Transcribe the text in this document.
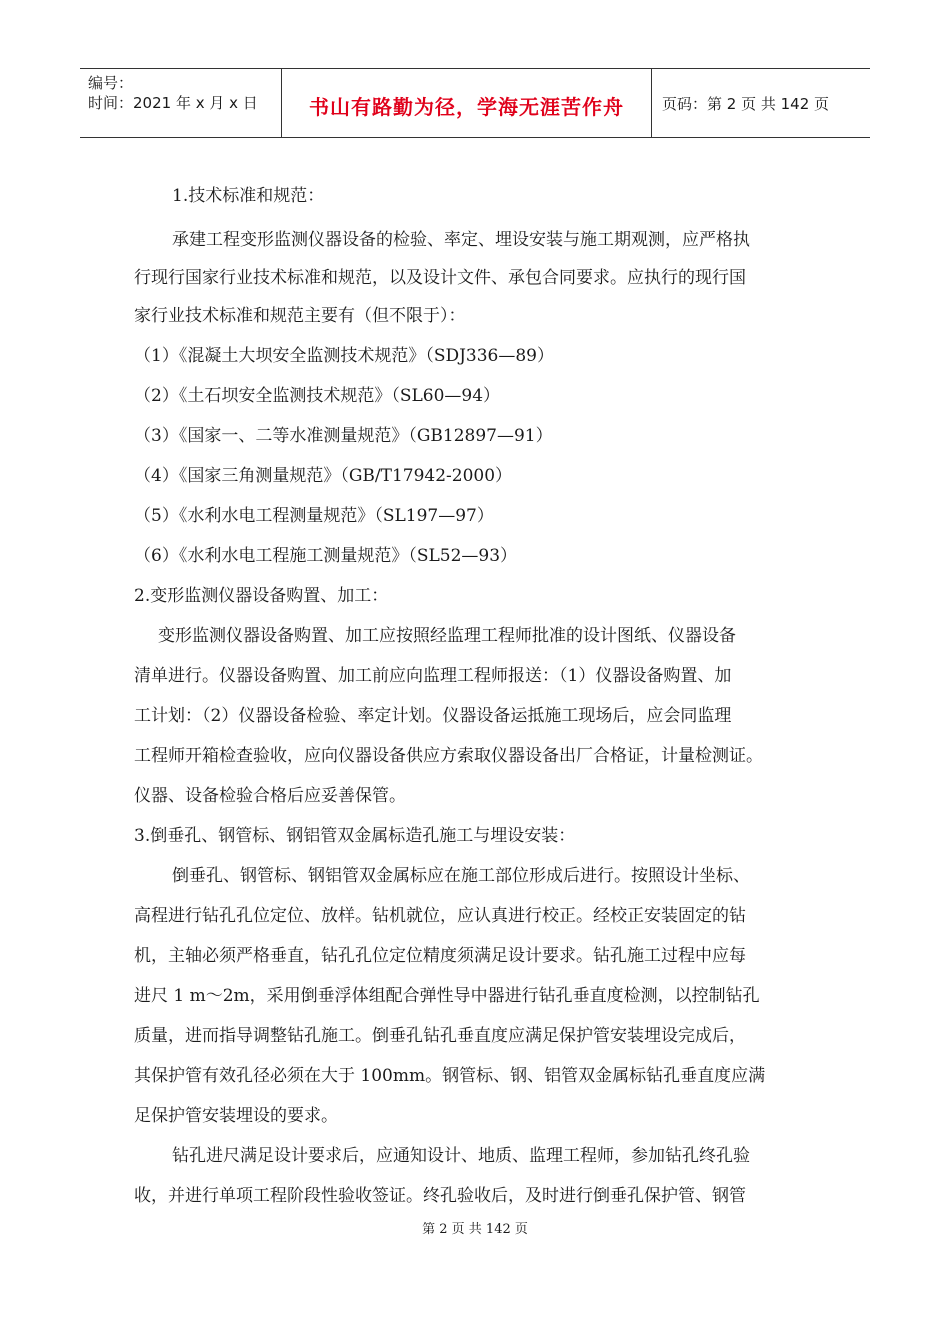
编号：
时间：2021 年 x 月 x 日	书山有路勤为径，学海无涯苦作舟	页码：第 2 页 共 142 页
1.技术标准和规范：
承建工程变形监测仪器设备的检验、率定、埋设安装与施工期观测，应严格执
行现行国家行业技术标准和规范，以及设计文件、承包合同要求。应执行的现行国
家行业技术标准和规范主要有（但不限于）：
（1）《混凝土大坝安全监测技术规范》（SDJ336—89）
（2）《土石坝安全监测技术规范》（SL60—94）
（3）《国家一、二等水准测量规范》（GB12897—91）
（4）《国家三角测量规范》（GB/T17942-2000）
（5）《水利水电工程测量规范》（SL197—97）
（6）《水利水电工程施工测量规范》（SL52—93）
2.变形监测仪器设备购置、加工：
变形监测仪器设备购置、加工应按照经监理工程师批准的设计图纸、仪器设备
清单进行。仪器设备购置、加工前应向监理工程师报送：（1）仪器设备购置、加
工计划：（2）仪器设备检验、率定计划。仪器设备运抵施工现场后，应会同监理
工程师开箱检查验收，应向仪器设备供应方索取仪器设备出厂合格证，计量检测证。
仪器、设备检验合格后应妥善保管。
3.倒垂孔、钢管标、钢铝管双金属标造孔施工与埋设安装：
倒垂孔、钢管标、钢铝管双金属标应在施工部位形成后进行。按照设计坐标、
高程进行钻孔孔位定位、放样。钻机就位，应认真进行校正。经校正安装固定的钻
机，主轴必须严格垂直，钻孔孔位定位精度须满足设计要求。钻孔施工过程中应每
进尺 1 m～2m，采用倒垂浮体组配合弹性导中器进行钻孔垂直度检测，以控制钻孔
质量，进而指导调整钻孔施工。倒垂孔钻孔垂直度应满足保护管安装埋设完成后，
其保护管有效孔径必须在大于 100mm。钢管标、钢、铝管双金属标钻孔垂直度应满
足保护管安装埋设的要求。
钻孔进尺满足设计要求后，应通知设计、地质、监理工程师，参加钻孔终孔验
收，并进行单项工程阶段性验收签证。终孔验收后，及时进行倒垂孔保护管、钢管
第 2 页 共 142 页
